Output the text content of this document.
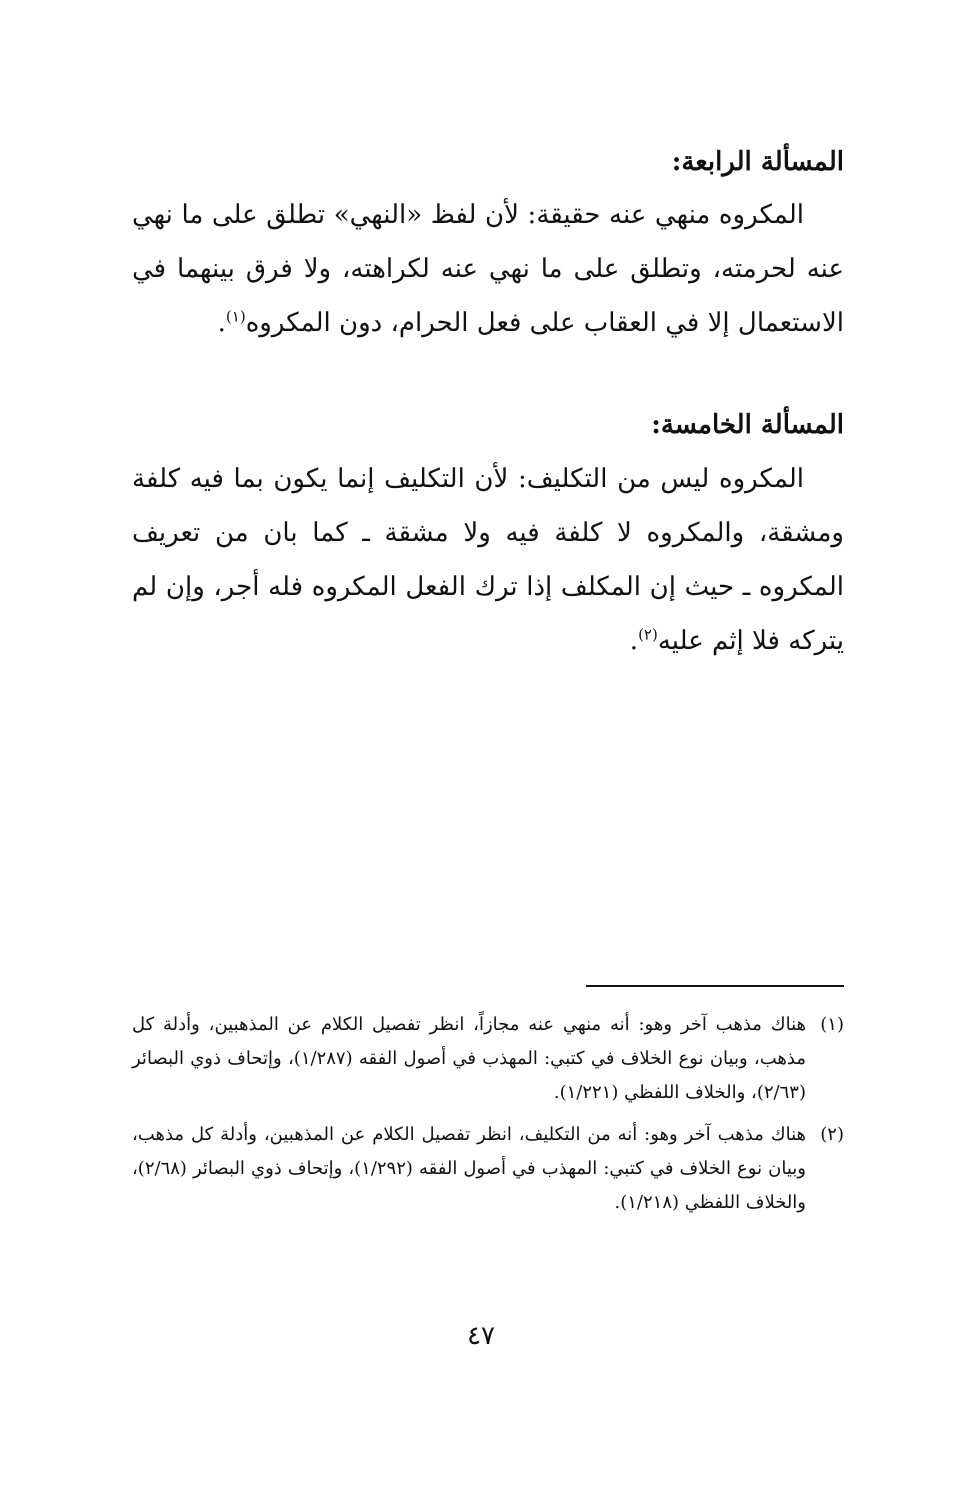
المسألة الرابعة:
المكروه منهي عنه حقيقة: لأن لفظ «النهي» تطلق على ما نهي عنه لحرمته، وتطلق على ما نهي عنه لكراهته، ولا فرق بينهما في الاستعمال إلا في العقاب على فعل الحرام، دون المكروه$^{(١)}$.
المسألة الخامسة:
المكروه ليس من التكليف: لأن التكليف إنما يكون بما فيه كلفة ومشقة، والمكروه لا كلفة فيه ولا مشقة ـ كما بان من تعريف المكروه ـ حيث إن المكلف إذا ترك الفعل المكروه فله أجر، وإن لم يتركه فلا إثم عليه$^{(٢)}$.
(١)
هناك مذهب آخر وهو: أنه منهي عنه مجازاً، انظر تفصيل الكلام عن المذهبين، وأدلة كل مذهب، وبيان نوع الخلاف في كتبي: المهذب في أصول الفقه (١/٢٨٧)، وإتحاف ذوي البصائر (٢/٦٣)، والخلاف اللفظي (١/٢٢١).
(٢)
هناك مذهب آخر وهو: أنه من التكليف، انظر تفصيل الكلام عن المذهبين، وأدلة كل مذهب، وبيان نوع الخلاف في كتبي: المهذب في أصول الفقه (١/٢٩٢)، وإتحاف ذوي البصائر (٢/٦٨)، والخلاف اللفظي (١/٢١٨).
٤٧
